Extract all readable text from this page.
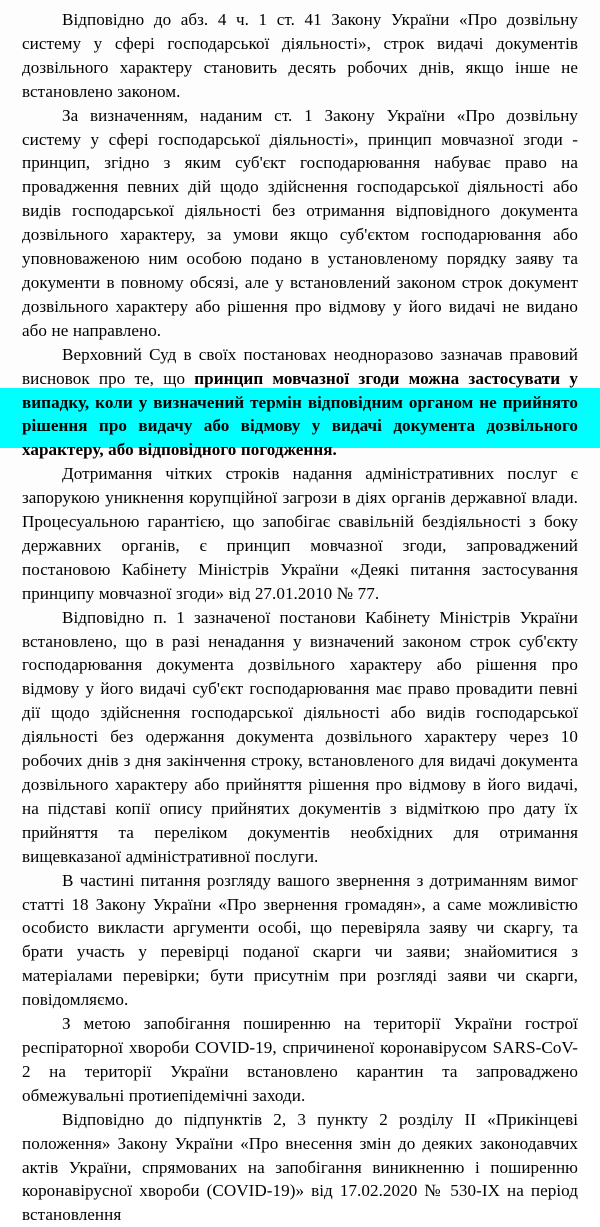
Відповідно до абз. 4 ч. 1 ст. 41 Закону України «Про дозвільну систему у сфері господарської діяльності», строк видачі документів дозвільного характеру становить десять робочих днів, якщо інше не встановлено законом.

За визначенням, наданим ст. 1 Закону України «Про дозвільну систему у сфері господарської діяльності», принцип мовчазної згоди - принцип, згідно з яким суб'єкт господарювання набуває право на провадження певних дій щодо здійснення господарської діяльності або видів господарської діяльності без отримання відповідного документа дозвільного характеру, за умови якщо суб'єктом господарювання або уповноваженою ним особою подано в установленому порядку заяву та документи в повному обсязі, але у встановлений законом строк документ дозвільного характеру або рішення про відмову у його видачі не видано або не направлено.

Верховний Суд в своїх постановах неодноразово зазначав правовий висновок про те, що принцип мовчазної згоди можна застосувати у випадку, коли у визначений термін відповідним органом не прийнято рішення про видачу або відмову у видачі документа дозвільного характеру, або відповідного погодження.

Дотримання чітких строків надання адміністративних послуг є запорукою уникнення корупційної загрози в діях органів державної влади. Процесуальною гарантією, що запобігає свавільній бездіяльності з боку державних органів, є принцип мовчазної згоди, запроваджений постановою Кабінету Міністрів України «Деякі питання застосування принципу мовчазної згоди» від 27.01.2010 № 77.

Відповідно п. 1 зазначеної постанови Кабінету Міністрів України встановлено, що в разі ненадання у визначений законом строк суб'єкту господарювання документа дозвільного характеру або рішення про відмову у його видачі суб'єкт господарювання має право провадити певні дії щодо здійснення господарської діяльності або видів господарської діяльності без одержання документа дозвільного характеру через 10 робочих днів з дня закінчення строку, встановленого для видачі документа дозвільного характеру або прийняття рішення про відмову в його видачі, на підставі копії опису прийнятих документів з відміткою про дату їх прийняття та переліком документів необхідних для отримання вищевказаної адміністративної послуги.

В частині питання розгляду вашого звернення з дотриманням вимог статті 18 Закону України «Про звернення громадян», а саме можливістю особисто викласти аргументи особі, що перевіряла заяву чи скаргу, та брати участь у перевірці поданої скарги чи заяви; знайомитися з матеріалами перевірки; бути присутнім при розгляді заяви чи скарги, повідомляємо.

З метою запобігання поширенню на території України гострої респіраторної хвороби COVID-19, спричиненої коронавірусом SARS-CoV-2 на території України встановлено карантин та запроваджено обмежувальні протиепідемічні заходи.

Відповідно до підпунктів 2, 3 пункту 2 розділу ІІ «Прикінцеві положення» Закону України «Про внесення змін до деяких законодавчих актів України, спрямованих на запобігання виникненню і поширенню коронавірусної хвороби (COVID-19)» від 17.02.2020 № 530-IX на період встановлення
